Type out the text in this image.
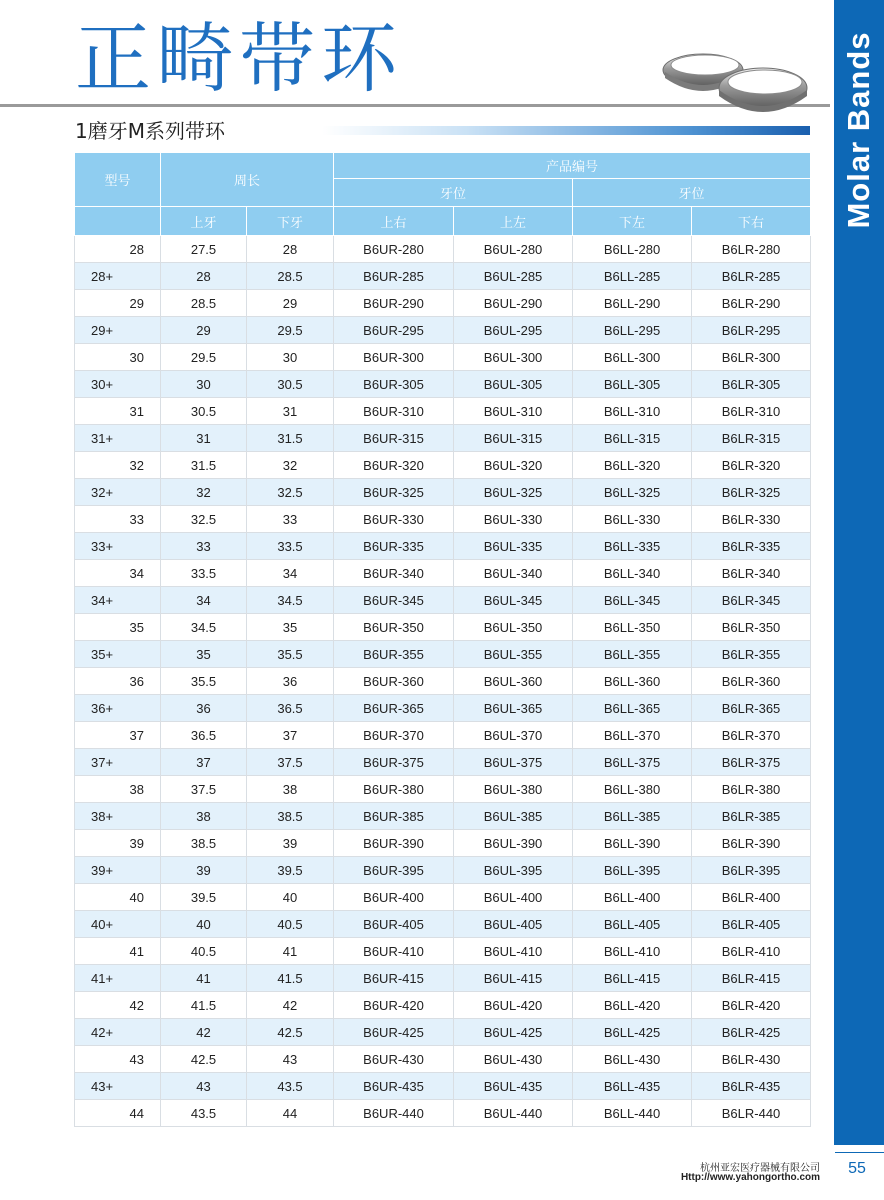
正畸带环	Molar Bands
1磨牙M系列带环
型号	周长		产品编号			
			牙位		牙位	
	上牙	下牙	上右	上左	下左	下右
28	27.5	28	B6UR-280	B6UL-280	B6LL-280	B6LR-280
28+	28	28.5	B6UR-285	B6UL-285	B6LL-285	B6LR-285
29	28.5	29	B6UR-290	B6UL-290	B6LL-290	B6LR-290
29+	29	29.5	B6UR-295	B6UL-295	B6LL-295	B6LR-295
30	29.5	30	B6UR-300	B6UL-300	B6LL-300	B6LR-300
30+	30	30.5	B6UR-305	B6UL-305	B6LL-305	B6LR-305
31	30.5	31	B6UR-310	B6UL-310	B6LL-310	B6LR-310
31+	31	31.5	B6UR-315	B6UL-315	B6LL-315	B6LR-315
32	31.5	32	B6UR-320	B6UL-320	B6LL-320	B6LR-320
32+	32	32.5	B6UR-325	B6UL-325	B6LL-325	B6LR-325
33	32.5	33	B6UR-330	B6UL-330	B6LL-330	B6LR-330
33+	33	33.5	B6UR-335	B6UL-335	B6LL-335	B6LR-335
34	33.5	34	B6UR-340	B6UL-340	B6LL-340	B6LR-340
34+	34	34.5	B6UR-345	B6UL-345	B6LL-345	B6LR-345
35	34.5	35	B6UR-350	B6UL-350	B6LL-350	B6LR-350
35+	35	35.5	B6UR-355	B6UL-355	B6LL-355	B6LR-355
36	35.5	36	B6UR-360	B6UL-360	B6LL-360	B6LR-360
36+	36	36.5	B6UR-365	B6UL-365	B6LL-365	B6LR-365
37	36.5	37	B6UR-370	B6UL-370	B6LL-370	B6LR-370
37+	37	37.5	B6UR-375	B6UL-375	B6LL-375	B6LR-375
38	37.5	38	B6UR-380	B6UL-380	B6LL-380	B6LR-380
38+	38	38.5	B6UR-385	B6UL-385	B6LL-385	B6LR-385
39	38.5	39	B6UR-390	B6UL-390	B6LL-390	B6LR-390
39+	39	39.5	B6UR-395	B6UL-395	B6LL-395	B6LR-395
40	39.5	40	B6UR-400	B6UL-400	B6LL-400	B6LR-400
40+	40	40.5	B6UR-405	B6UL-405	B6LL-405	B6LR-405
41	40.5	41	B6UR-410	B6UL-410	B6LL-410	B6LR-410
41+	41	41.5	B6UR-415	B6UL-415	B6LL-415	B6LR-415
42	41.5	42	B6UR-420	B6UL-420	B6LL-420	B6LR-420
42+	42	42.5	B6UR-425	B6UL-425	B6LL-425	B6LR-425
43	42.5	43	B6UR-430	B6UL-430	B6LL-430	B6LR-430
43+	43	43.5	B6UR-435	B6UL-435	B6LL-435	B6LR-435
44	43.5	44	B6UR-440	B6UL-440	B6LL-440	B6LR-440
杭州亚宏医疗器械有限公司
Http://www.yahongortho.com
55
